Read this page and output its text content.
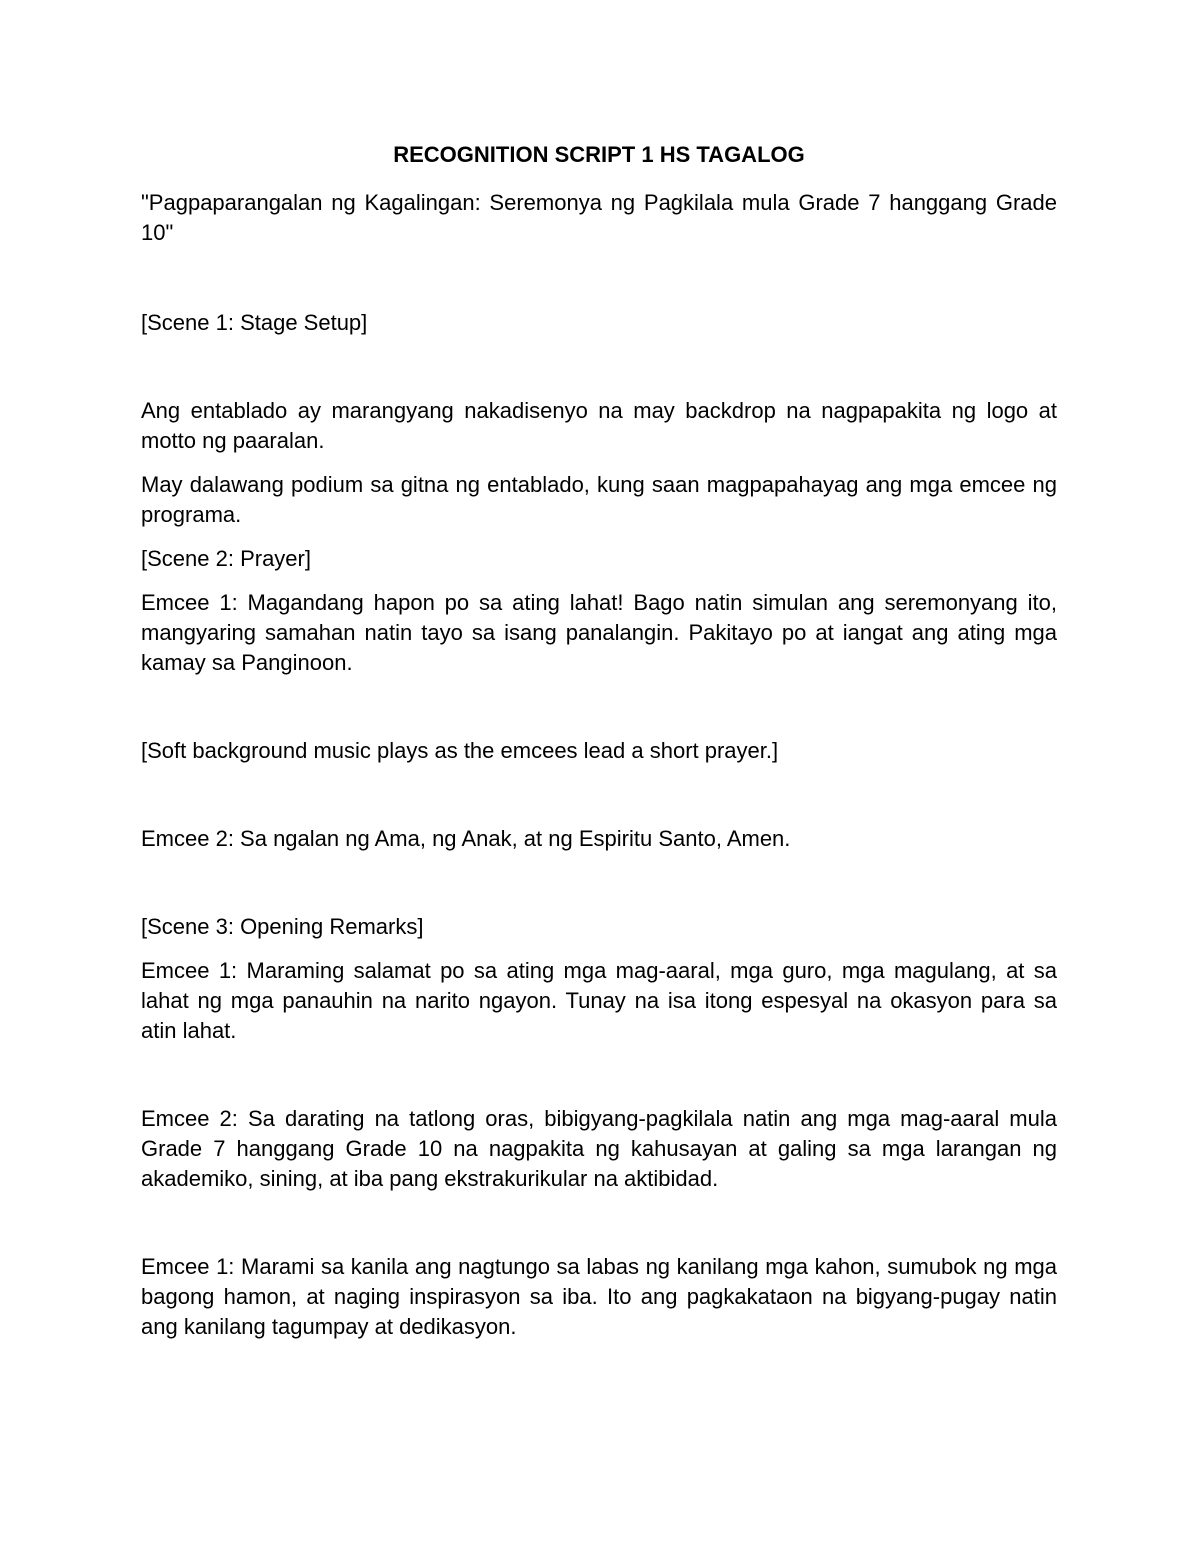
RECOGNITION SCRIPT 1 HS TAGALOG

"Pagpaparangalan ng Kagalingan: Seremonya ng Pagkilala mula Grade 7 hanggang Grade 10"

[Scene 1: Stage Setup]

Ang entablado ay marangyang nakadisenyo na may backdrop na nagpapakita ng logo at motto ng paaralan.

May dalawang podium sa gitna ng entablado, kung saan magpapahayag ang mga emcee ng programa.

[Scene 2: Prayer]

Emcee 1: Magandang hapon po sa ating lahat! Bago natin simulan ang seremonyang ito, mangyaring samahan natin tayo sa isang panalangin. Pakitayo po at iangat ang ating mga kamay sa Panginoon.

[Soft background music plays as the emcees lead a short prayer.]

Emcee 2: Sa ngalan ng Ama, ng Anak, at ng Espiritu Santo, Amen.

[Scene 3: Opening Remarks]

Emcee 1: Maraming salamat po sa ating mga mag-aaral, mga guro, mga magulang, at sa lahat ng mga panauhin na narito ngayon. Tunay na isa itong espesyal na okasyon para sa atin lahat.

Emcee 2: Sa darating na tatlong oras, bibigyang-pagkilala natin ang mga mag-aaral mula Grade 7 hanggang Grade 10 na nagpakita ng kahusayan at galing sa mga larangan ng akademiko, sining, at iba pang ekstrakurikular na aktibidad.

Emcee 1: Marami sa kanila ang nagtungo sa labas ng kanilang mga kahon, sumubok ng mga bagong hamon, at naging inspirasyon sa iba. Ito ang pagkakataon na bigyang-pugay natin ang kanilang tagumpay at dedikasyon.
